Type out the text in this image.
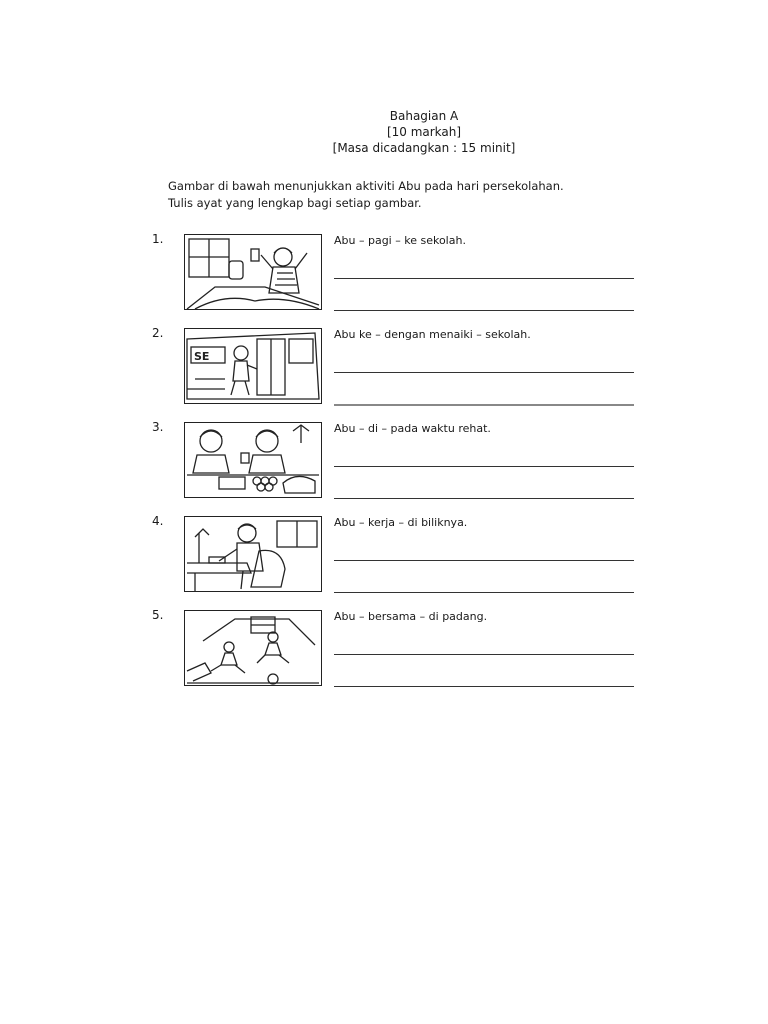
Bahagian A
[10 markah]
[Masa dicadangkan : 15 minit]
Gambar di bawah menunjukkan aktiviti Abu pada hari persekolahan.
Tulis ayat yang lengkap bagi setiap gambar.
1.	Abu – pagi – ke sekolah.
2.
SE
Abu ke – dengan menaiki – sekolah.
3.	Abu – di – pada waktu rehat.
4.	Abu – kerja – di biliknya.
5.	Abu – bersama – di padang.
